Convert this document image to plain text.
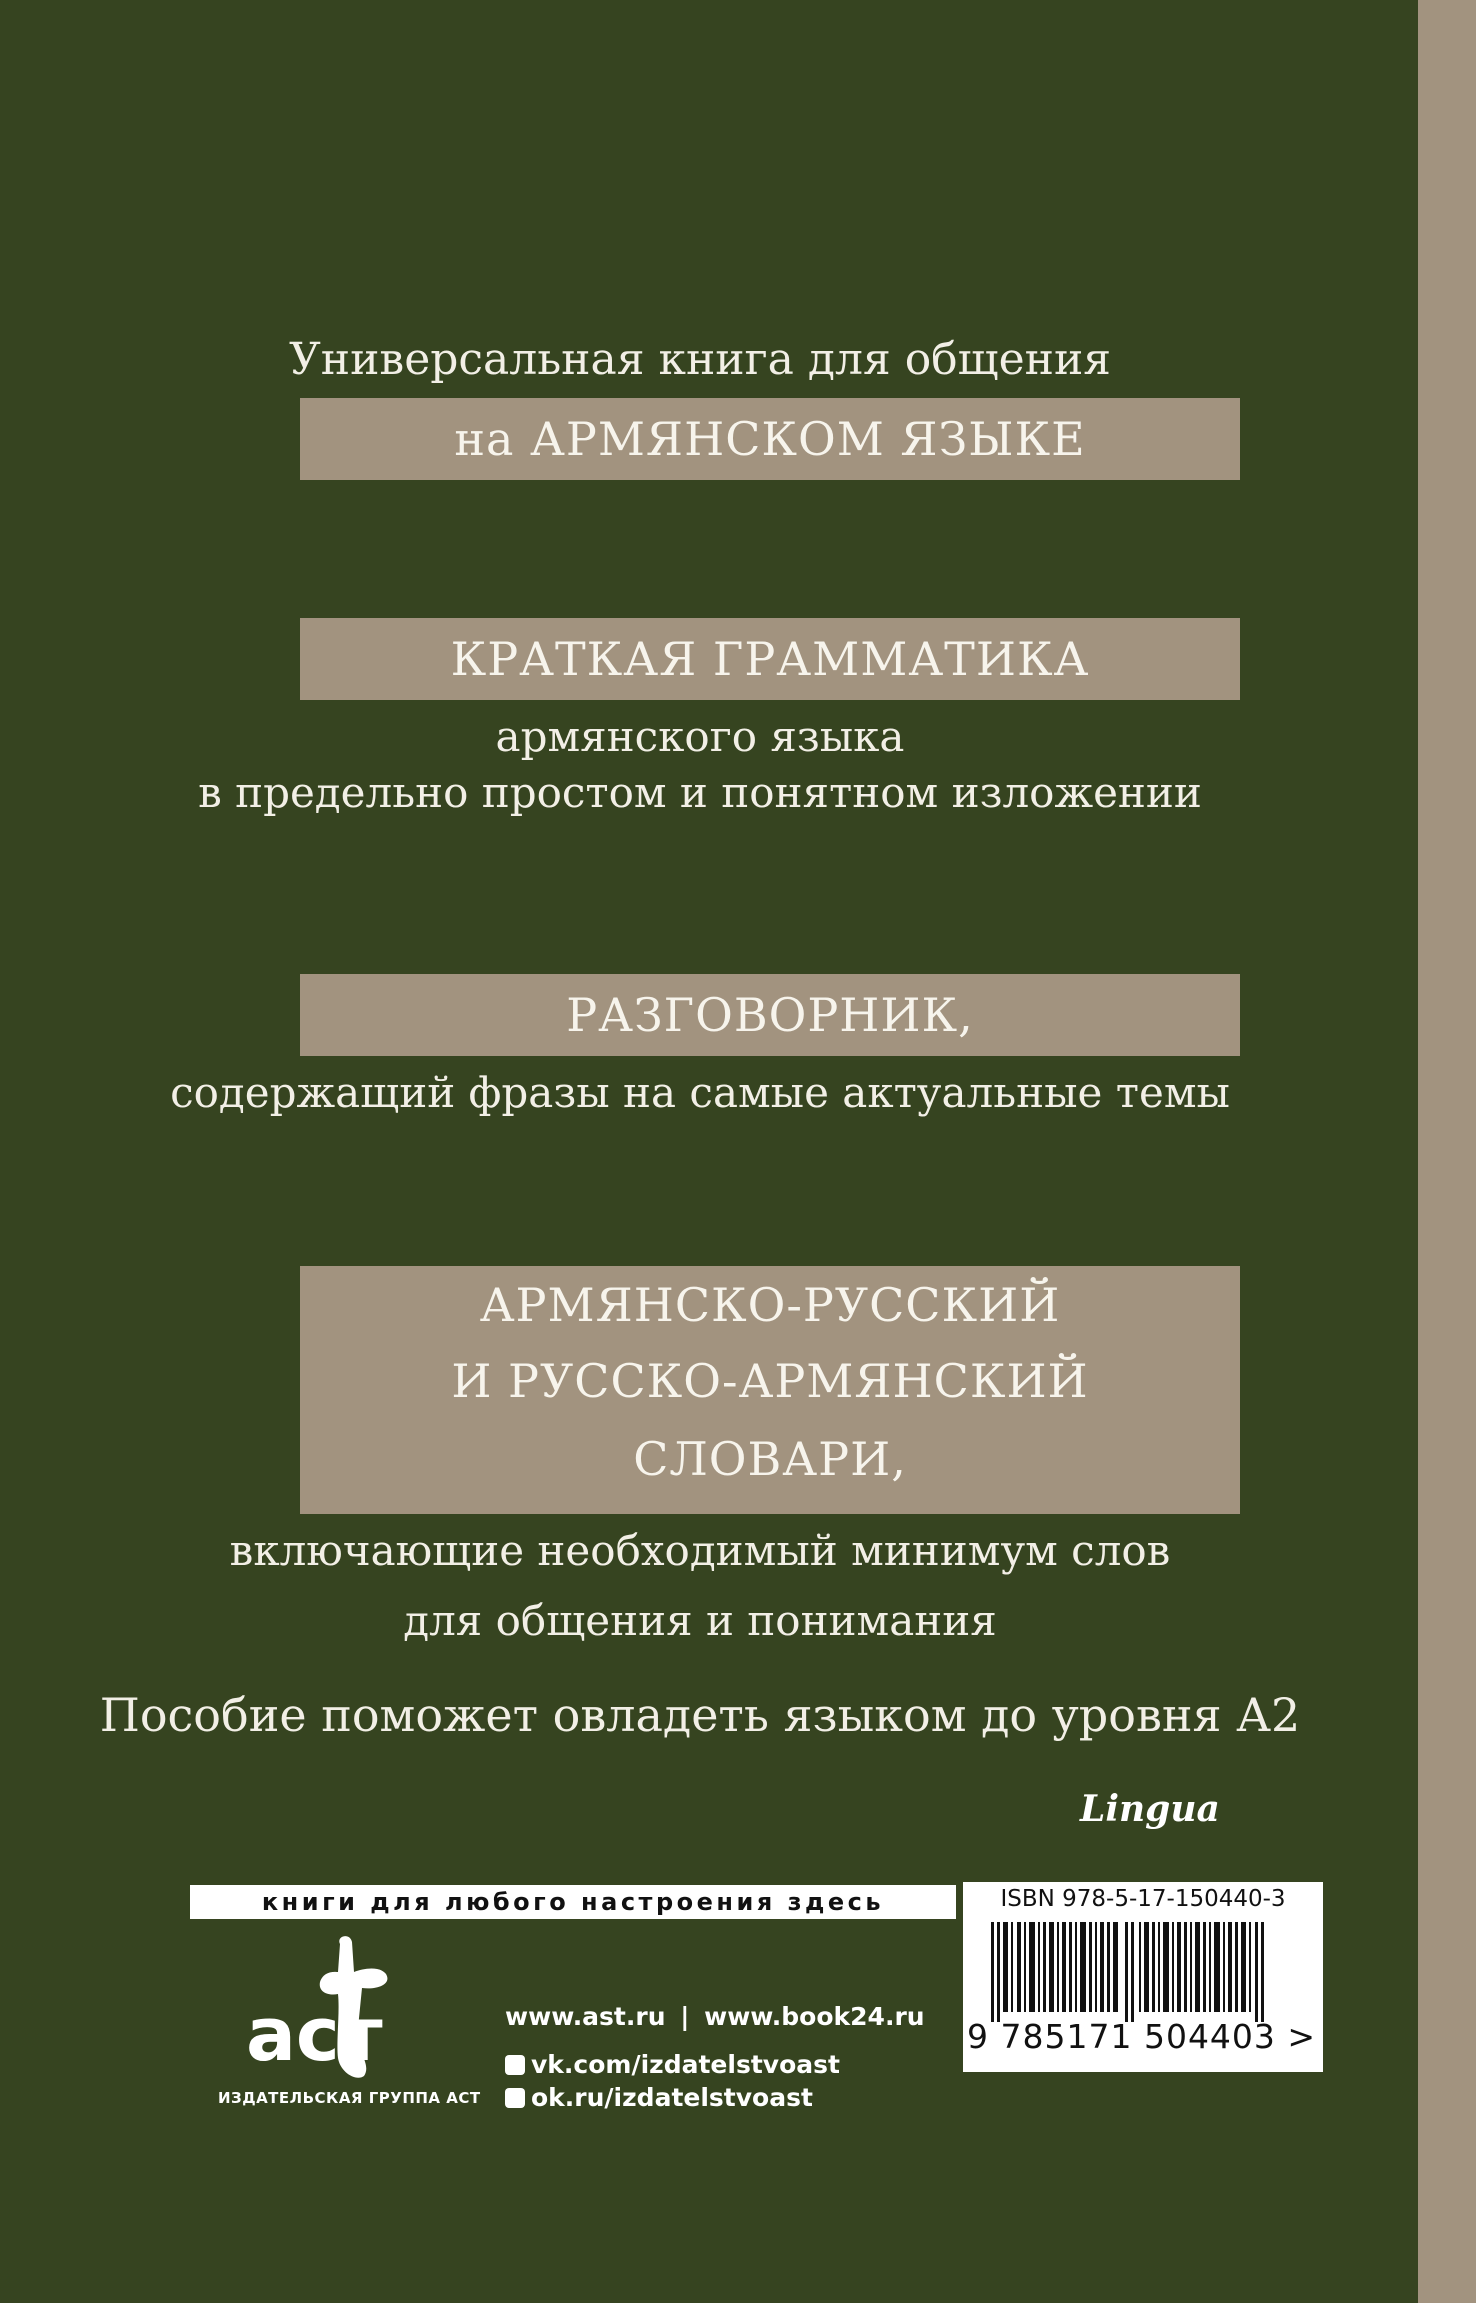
Универсальная книга для общения
на АРМЯНСКОМ ЯЗЫКЕ
КРАТКАЯ ГРАММАТИКА
армянского языка
в предельно простом и понятном изложении
РАЗГОВОРНИК,
содержащий фразы на самые актуальные темы
АРМЯНСКО-РУССКИЙ
И РУССКО-АРМЯНСКИЙ
СЛОВАРИ,
включающие необходимый минимум слов
для общения и понимания
Пособие поможет овладеть языком до уровня А2
Lingua
книги для любого настроения здесь	ISBN 978-5-17-150440-3
9 785171 504403 >
аст
ИЗДАТЕЛЬСКАЯ ГРУППА АСТ
www.ast.ru | www.book24.ru
vk.com/izdatelstvoast
ok.ru/izdatelstvoast
